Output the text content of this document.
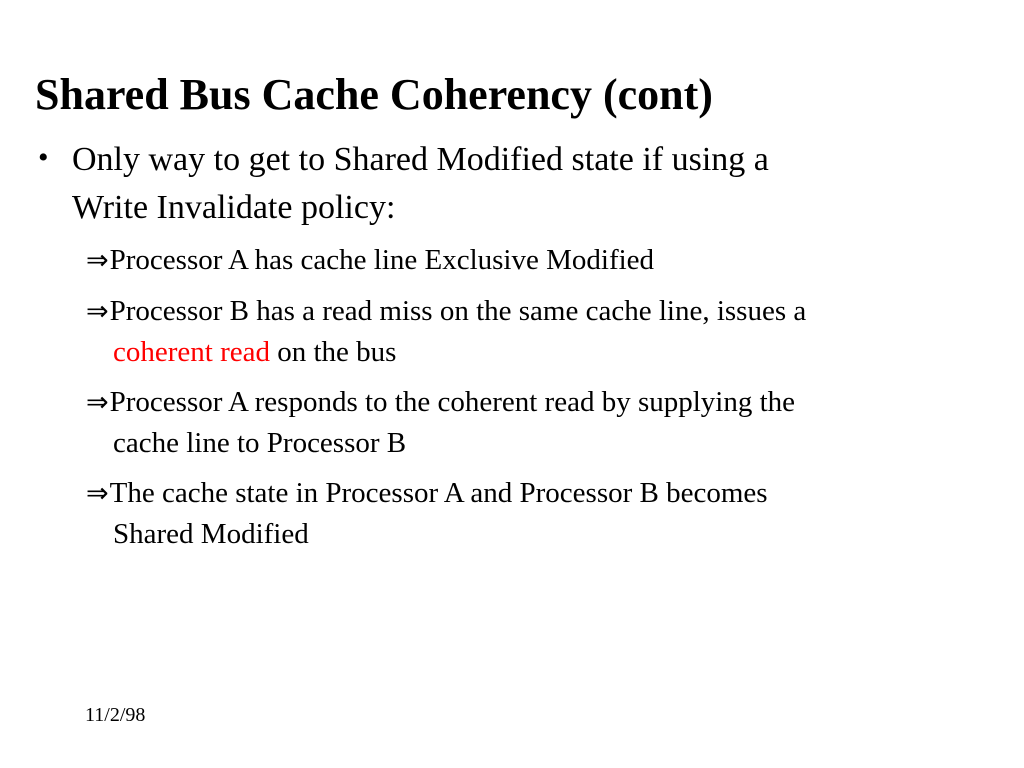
Shared Bus Cache Coherency (cont)
• Only way to get to Shared Modified state if using a
Write Invalidate policy:
⇒Processor A has cache line Exclusive Modified
⇒Processor B has a read miss on the same cache line, issues a
coherent read on the bus
⇒Processor A responds to the coherent read by supplying the
cache line to Processor B
⇒The cache state in Processor A and Processor B becomes
Shared Modified
11/2/98
